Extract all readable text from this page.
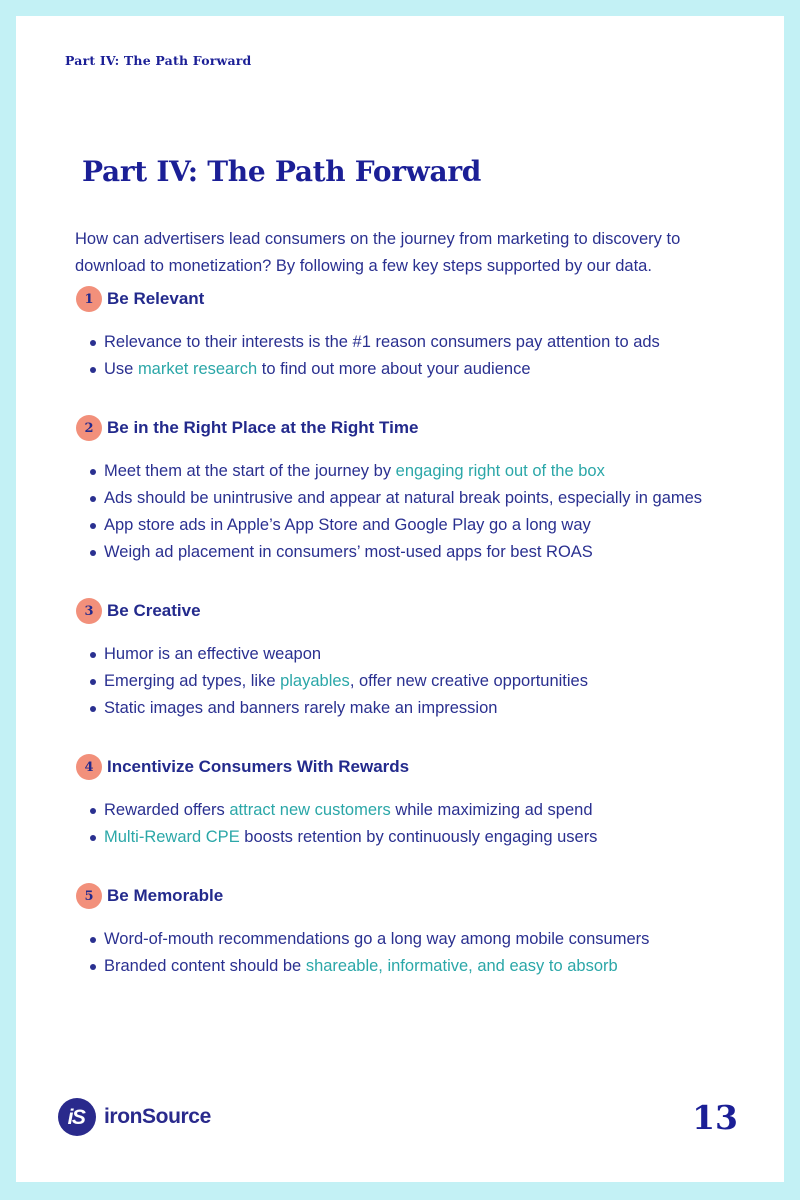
Part IV: The Path Forward
Part IV: The Path Forward

How can advertisers lead consumers on the journey from marketing to discovery to download to monetization? By following a few key steps supported by our data.

1 Be Relevant
Relevance to their interests is the #1 reason consumers pay attention to ads
Use market research to find out more about your audience
2 Be in the Right Place at the Right Time
Meet them at the start of the journey by engaging right out of the box
Ads should be unintrusive and appear at natural break points, especially in games
App store ads in Apple’s App Store and Google Play go a long way
Weigh ad placement in consumers’ most-used apps for best ROAS
3 Be Creative
Humor is an effective weapon
Emerging ad types, like playables, offer new creative opportunities
Static images and banners rarely make an impression
4 Incentivize Consumers With Rewards
Rewarded offers attract new customers while maximizing ad spend
Multi-Reward CPE boosts retention by continuously engaging users
5 Be Memorable
Word-of-mouth recommendations go a long way among mobile consumers
Branded content should be shareable, informative, and easy to absorb
iS ironSource	13
